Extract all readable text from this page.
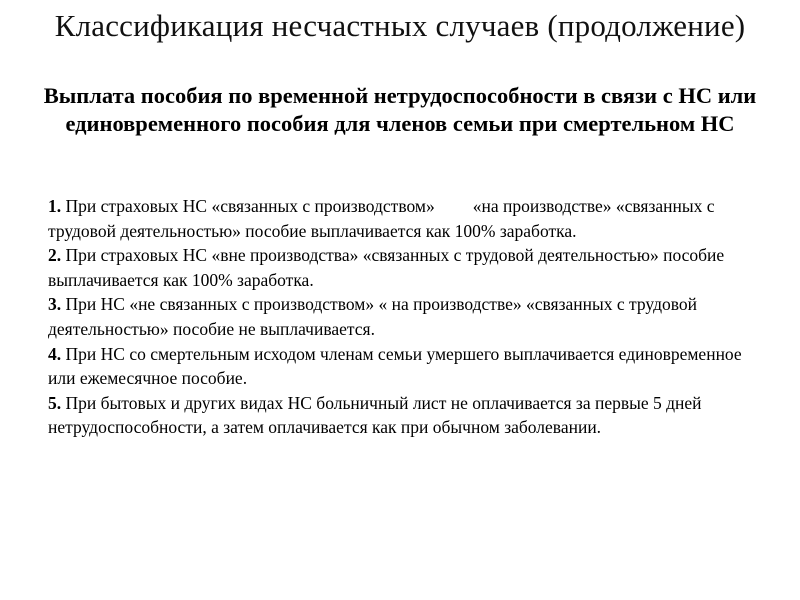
Классификация несчастных случаев (продолжение)
Выплата пособия по временной нетрудоспособности в связи с НС или единовременного пособия для членов семьи при смертельном НС

1. При страховых НС «связанных с производством» «на производстве» «связанных с трудовой деятельностью» пособие выплачивается как 100% заработка.

2. При страховых НС «вне производства» «связанных с трудовой деятельностью» пособие выплачивается как 100% заработка.

3. При НС «не связанных с производством» « на производстве» «связанных с трудовой деятельностью» пособие не выплачивается.

4. При НС со смертельным исходом членам семьи умершего выплачивается единовременное или ежемесячное пособие.

5. При бытовых и других видах НС больничный лист не оплачивается за первые 5 дней нетрудоспособности, а затем оплачивается как при обычном заболевании.
